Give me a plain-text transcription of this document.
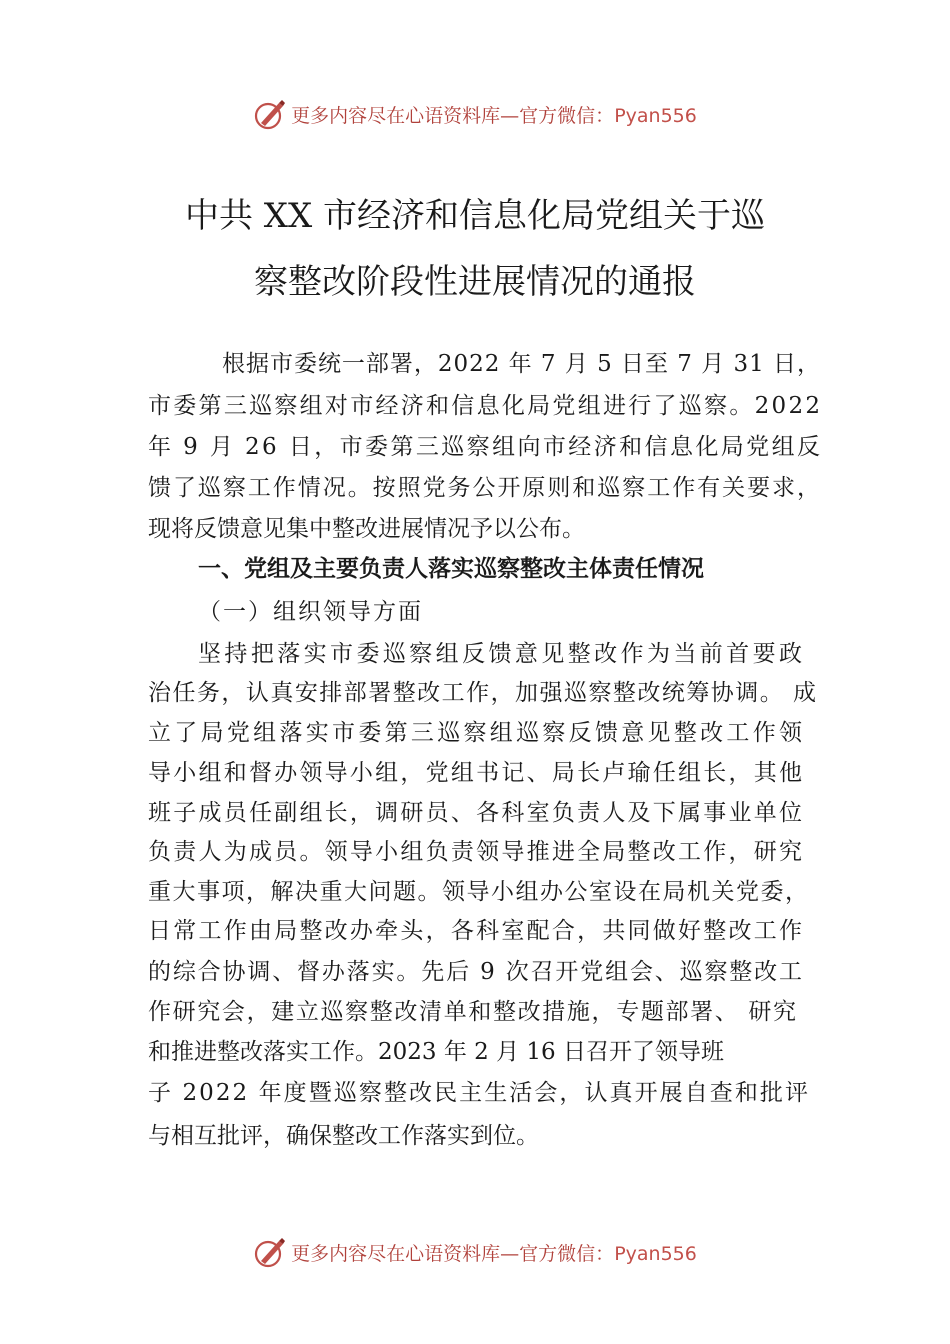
更多内容尽在心语资料库—官方微信：Pyan556
中共 XX 市经济和信息化局党组关于巡
察整改阶段性进展情况的通报
根据市委统一部署，2022 年 7 月 5 日至 7 月 31 日，
市委第三巡察组对市经济和信息化局党组进行了巡察。2022
年 9 月 26 日，市委第三巡察组向市经济和信息化局党组反
馈了巡察工作情况。按照党务公开原则和巡察工作有关要求，
现将反馈意见集中整改进展情况予以公布。
一、党组及主要负责人落实巡察整改主体责任情况
（一）组织领导方面
坚持把落实市委巡察组反馈意见整改作为当前首要政
治任务，认真安排部署整改工作，加强巡察整改统筹协调。 成
立了局党组落实市委第三巡察组巡察反馈意见整改工作领
导小组和督办领导小组，党组书记、局长卢瑜任组长，其他
班子成员任副组长，调研员、各科室负责人及下属事业单位
负责人为成员。领导小组负责领导推进全局整改工作，研究
重大事项，解决重大问题。领导小组办公室设在局机关党委，
日常工作由局整改办牵头，各科室配合，共同做好整改工作
的综合协调、督办落实。先后 9 次召开党组会、巡察整改工
作研究会，建立巡察整改清单和整改措施，专题部署、 研究
和推进整改落实工作。2023 年 2 月 16 日召开了领导班
子 2022 年度暨巡察整改民主生活会，认真开展自查和批评
与相互批评，确保整改工作落实到位。
更多内容尽在心语资料库—官方微信：Pyan556
